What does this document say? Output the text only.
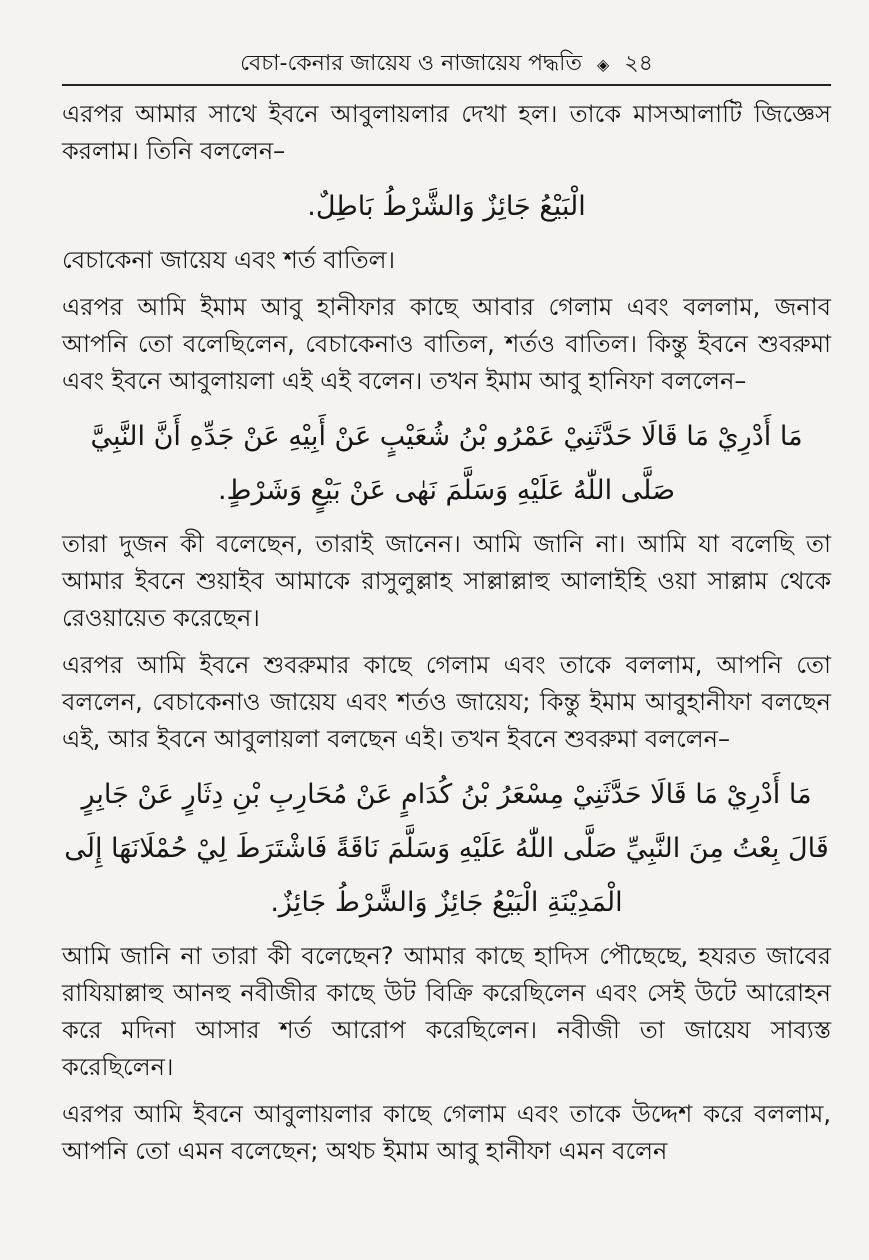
বেচা-কেনার জায়েয ও নাজায়েয পদ্ধতি ◈ ২৪

এরপর আমার সাথে ইবনে আবুলায়লার দেখা হল। তাকে মাসআলাটি জিজ্ঞেস করলাম। তিনি বললেন–

الْبَيْعُ جَائِزٌ وَالشَّرْطُ بَاطِلٌ.

বেচাকেনা জায়েয এবং শর্ত বাতিল।

এরপর আমি ইমাম আবু হানীফার কাছে আবার গেলাম এবং বললাম, জনাব আপনি তো বলেছিলেন, বেচাকেনাও বাতিল, শর্তও বাতিল। কিন্তু ইবনে শুবরুমা এবং ইবনে আবুলায়লা এই এই বলেন। তখন ইমাম আবু হানিফা বললেন–

مَا أَدْرِيْ مَا قَالَا حَدَّثَنِيْ عَمْرُو بْنُ شُعَيْبٍ عَنْ أَبِيْهِ عَنْ جَدِّهِ أَنَّ النَّبِيَّ
صَلَّى اللّٰهُ عَلَيْهِ وَسَلَّمَ نَهٰى عَنْ بَيْعٍ وَشَرْطٍ.

তারা দুজন কী বলেছেন, তারাই জানেন। আমি জানি না। আমি যা বলেছি তা আমার ইবনে শুয়াইব আমাকে রাসুলুল্লাহ সাল্লাল্লাহু আলাইহি ওয়া সাল্লাম থেকে রেওয়ায়েত করেছেন।

এরপর আমি ইবনে শুবরুমার কাছে গেলাম এবং তাকে বললাম, আপনি তো বললেন, বেচাকেনাও জায়েয এবং শর্তও জায়েয; কিন্তু ইমাম আবুহানীফা বলছেন এই, আর ইবনে আবুলায়লা বলছেন এই। তখন ইবনে শুবরুমা বললেন–

مَا أَدْرِيْ مَا قَالَا حَدَّثَنِيْ مِسْعَرُ بْنُ كُدَامٍ عَنْ مُحَارِبِ بْنِ دِثَارٍ عَنْ جَابِرٍ
قَالَ بِعْتُ مِنَ النَّبِيِّ صَلَّى اللّٰهُ عَلَيْهِ وَسَلَّمَ نَاقَةً فَاشْتَرَطَ لِيْ حُمْلَانَهَا إِلَى
الْمَدِيْنَةِ الْبَيْعُ جَائِزٌ وَالشَّرْطُ جَائِزٌ.

আমি জানি না তারা কী বলেছেন? আমার কাছে হাদিস পৌছেছে, হযরত জাবের রাযিয়াল্লাহু আনহু নবীজীর কাছে উট বিক্রি করেছিলেন এবং সেই উটে আরোহন করে মদিনা আসার শর্ত আরোপ করেছিলেন। নবীজী তা জায়েয সাব্যস্ত করেছিলেন।

এরপর আমি ইবনে আবুলায়লার কাছে গেলাম এবং তাকে উদ্দেশ করে বললাম, আপনি তো এমন বলেছেন; অথচ ইমাম আবু হানীফা এমন বলেন
